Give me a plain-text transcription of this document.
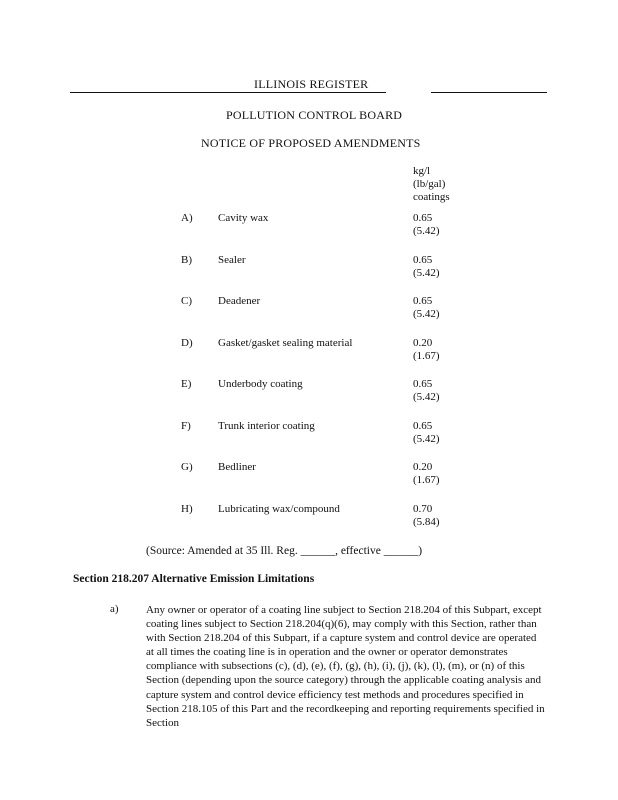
ILLINOIS REGISTER
POLLUTION CONTROL BOARD
NOTICE OF PROPOSED AMENDMENTS
kg/l
(lb/gal)
coatings
A) Cavity wax	0.65
(5.42)
B) Sealer	0.65
(5.42)
C) Deadener	0.65
(5.42)
D) Gasket/gasket sealing material	0.20
(1.67)
E) Underbody coating	0.65
(5.42)
F) Trunk interior coating	0.65
(5.42)
G) Bedliner	0.20
(1.67)
H) Lubricating wax/compound	0.70
(5.84)
(Source: Amended at 35 Ill. Reg. ______, effective ______)
Section 218.207 Alternative Emission Limitations
a) Any owner or operator of a coating line subject to Section 218.204 of this Subpart, except coating lines subject to Section 218.204(q)(6), may comply with this Section, rather than with Section 218.204 of this Subpart, if a capture system and control device are operated at all times the coating line is in operation and the owner or operator demonstrates compliance with subsections (c), (d), (e), (f), (g), (h), (i), (j), (k), (l), (m), or (n) of this Section (depending upon the source category) through the applicable coating analysis and capture system and control device efficiency test methods and procedures specified in Section 218.105 of this Part and the recordkeeping and reporting requirements specified in Section
